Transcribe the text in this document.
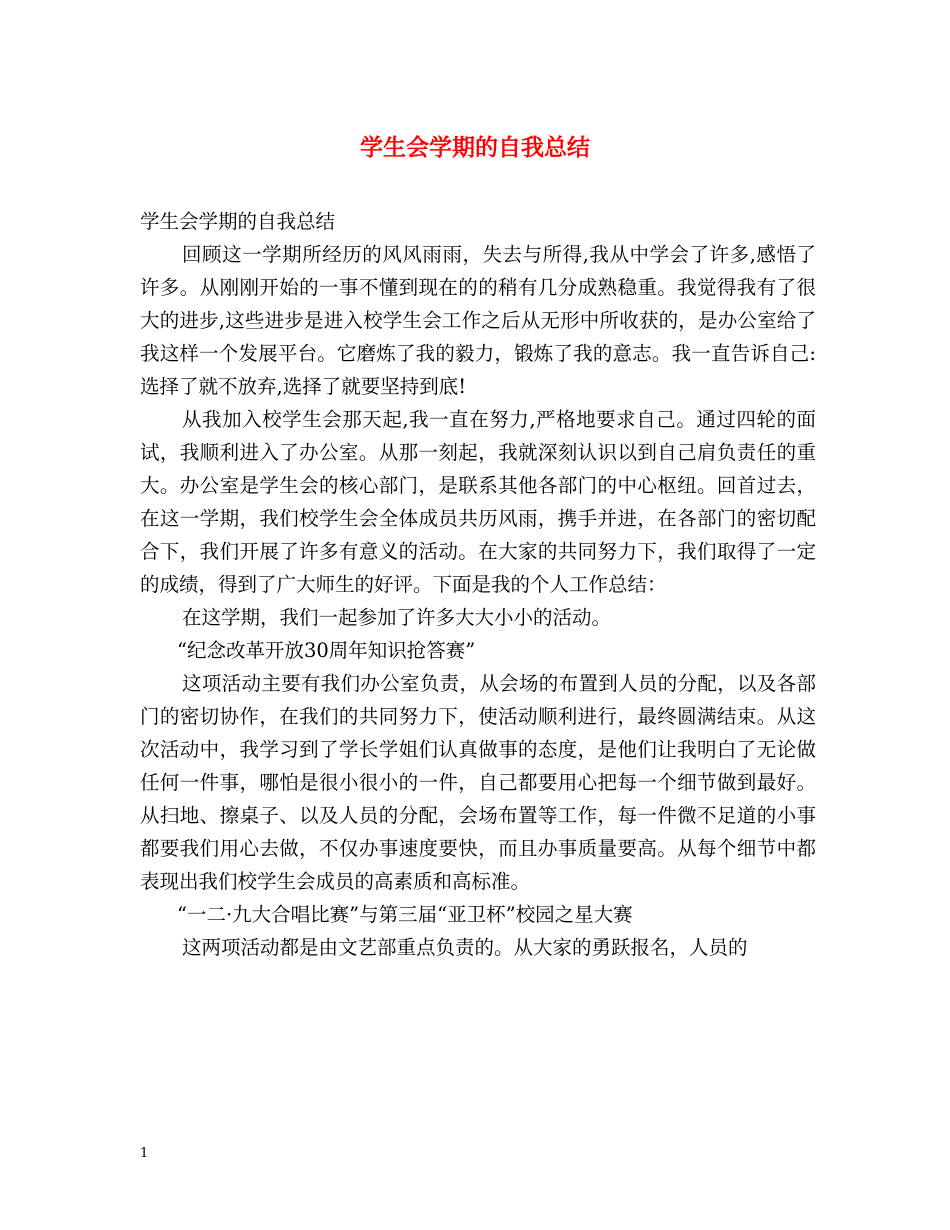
学生会学期的自我总结

学生会学期的自我总结

回顾这一学期所经历的风风雨雨，失去与所得,我从中学会了许多,感悟了许多。从刚刚开始的一事不懂到现在的的稍有几分成熟稳重。我觉得我有了很大的进步,这些进步是进入校学生会工作之后从无形中所收获的，是办公室给了我这样一个发展平台。它磨炼了我的毅力，锻炼了我的意志。我一直告诉自己:选择了就不放弃,选择了就要坚持到底!

从我加入校学生会那天起,我一直在努力,严格地要求自己。通过四轮的面试，我顺利进入了办公室。从那一刻起，我就深刻认识以到自己肩负责任的重大。办公室是学生会的核心部门，是联系其他各部门的中心枢纽。回首过去，在这一学期，我们校学生会全体成员共历风雨，携手并进，在各部门的密切配合下，我们开展了许多有意义的活动。在大家的共同努力下，我们取得了一定的成绩，得到了广大师生的好评。下面是我的个人工作总结：

在这学期，我们一起参加了许多大大小小的活动。

“纪念改革开放30周年知识抢答赛”

这项活动主要有我们办公室负责，从会场的布置到人员的分配，以及各部门的密切协作，在我们的共同努力下，使活动顺利进行，最终圆满结束。从这次活动中，我学习到了学长学姐们认真做事的态度，是他们让我明白了无论做任何一件事，哪怕是很小很小的一件，自己都要用心把每一个细节做到最好。从扫地、擦桌子、以及人员的分配，会场布置等工作，每一件微不足道的小事都要我们用心去做，不仅办事速度要快，而且办事质量要高。从每个细节中都表现出我们校学生会成员的高素质和高标准。

“一二·九大合唱比赛”与第三届“亚卫杯”校园之星大赛

这两项活动都是由文艺部重点负责的。从大家的勇跃报名，人员的

1
